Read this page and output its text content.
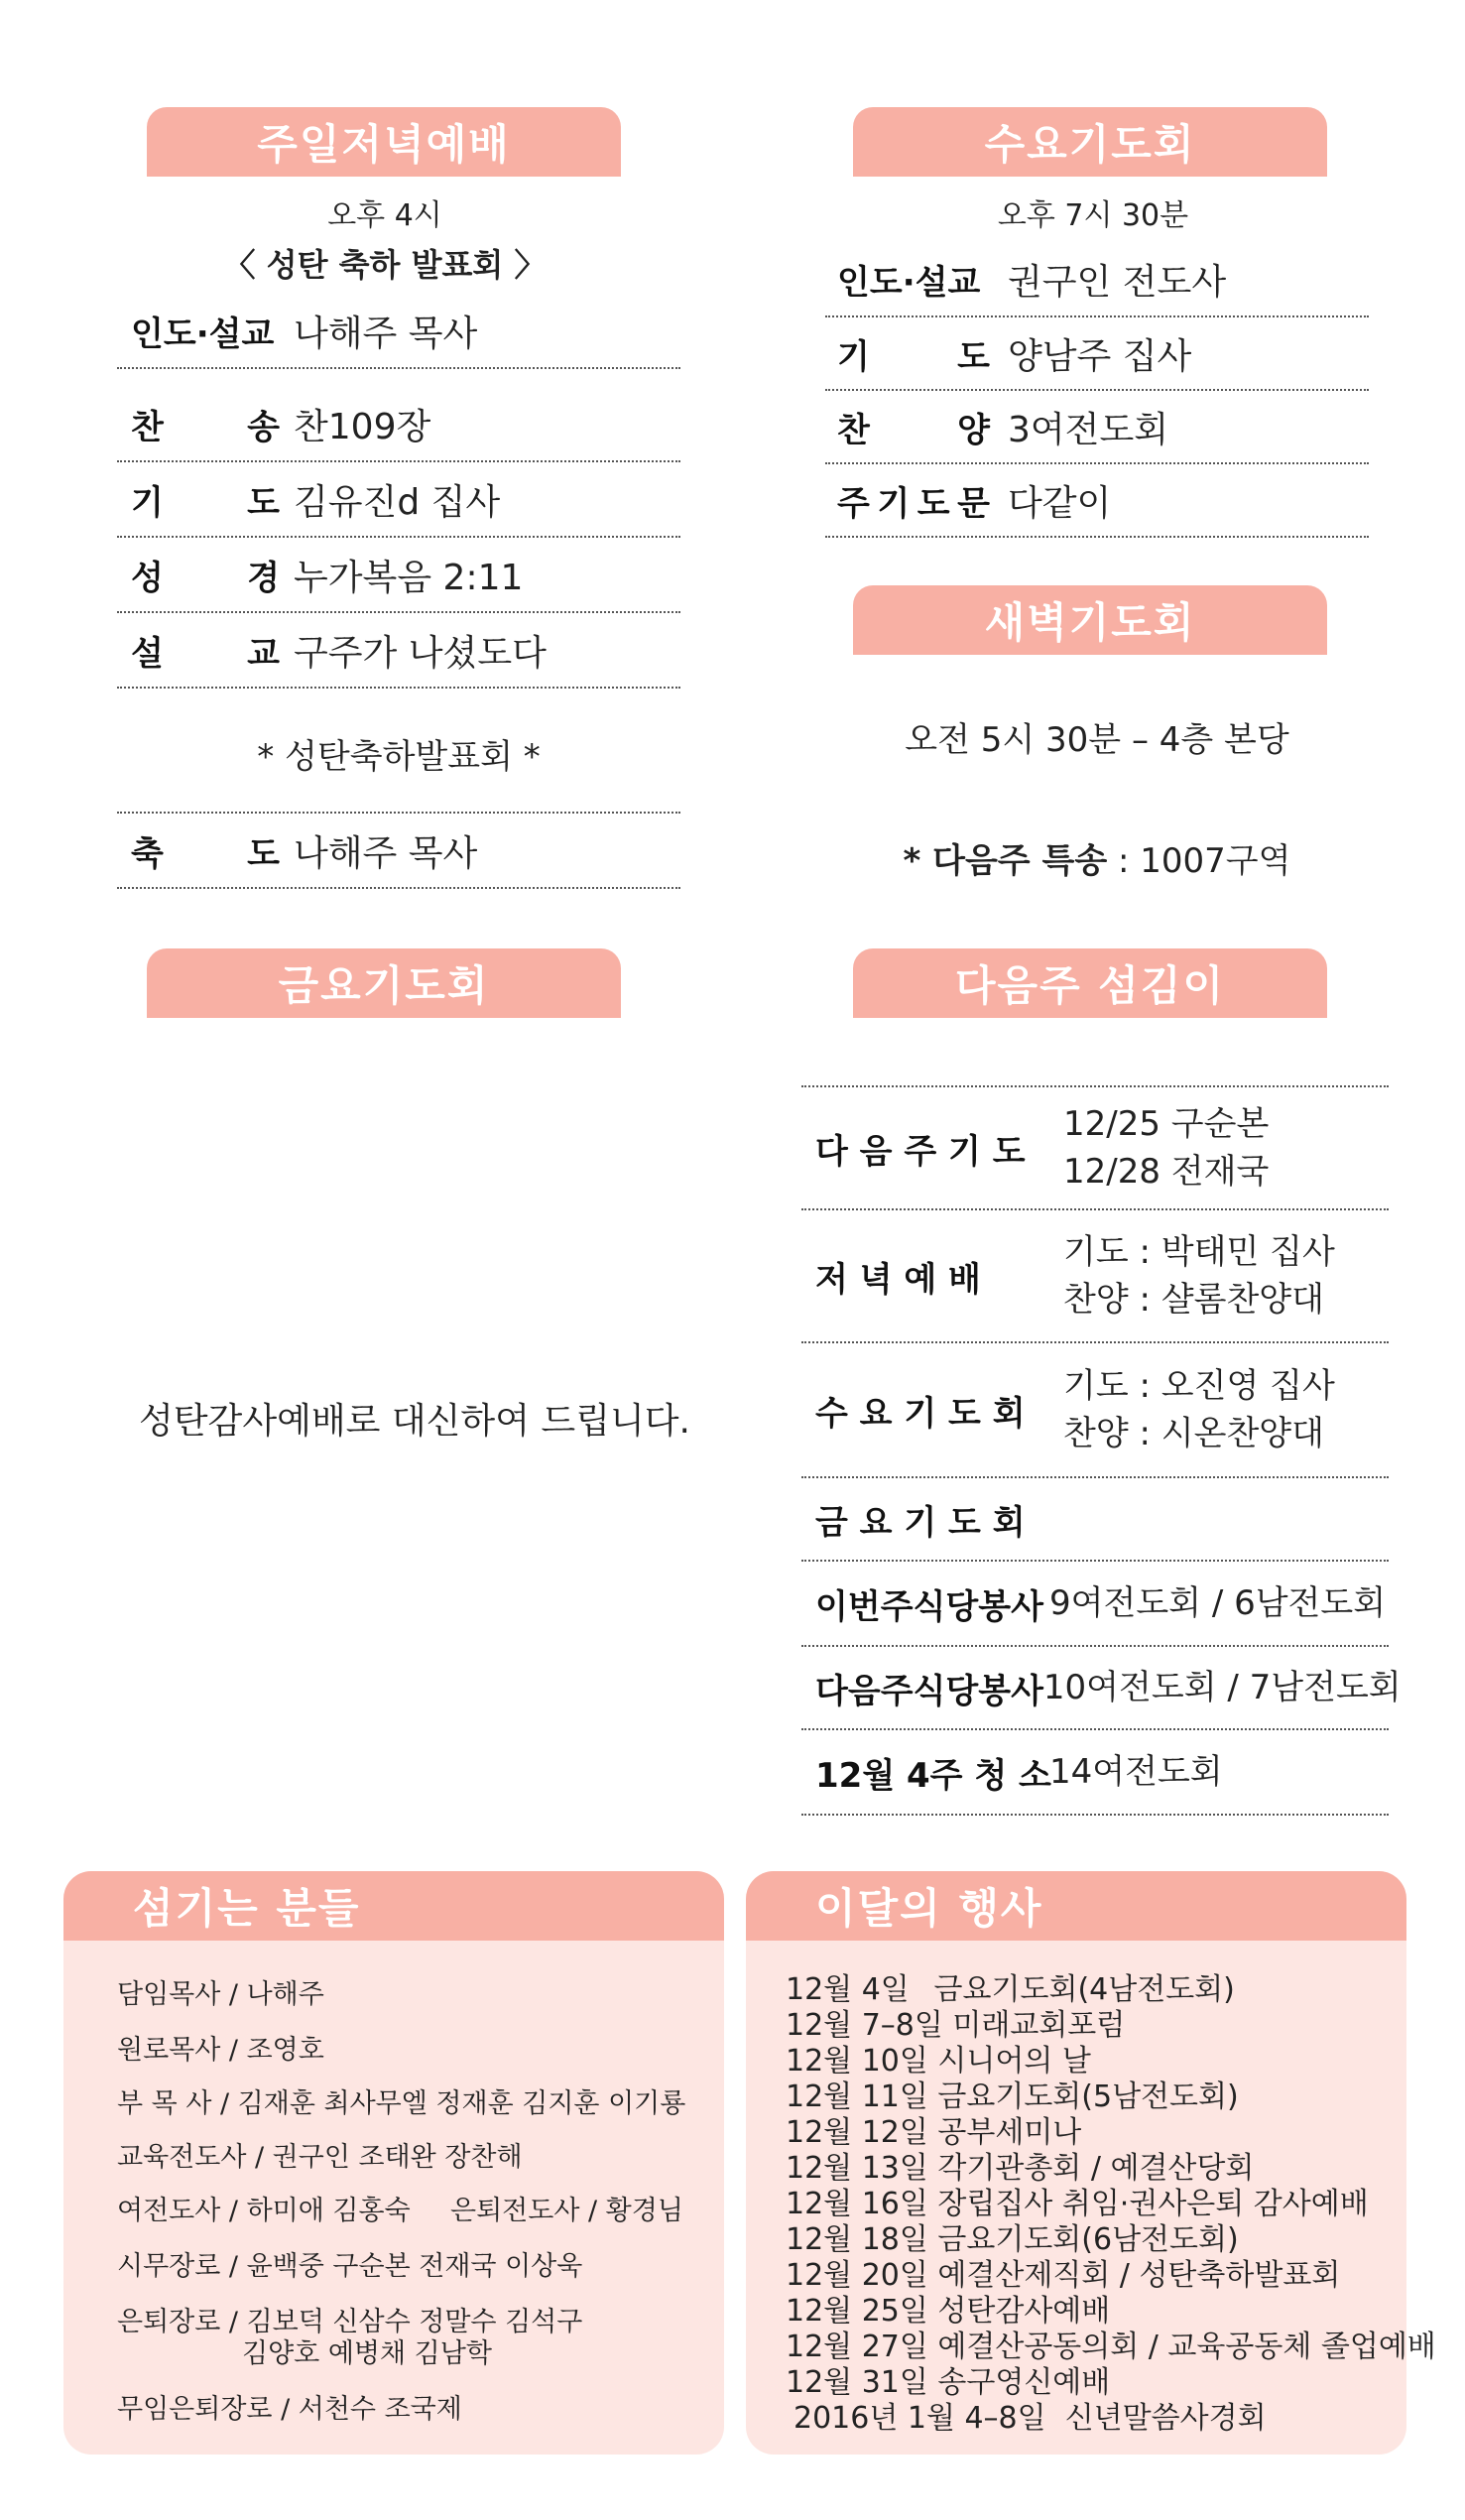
주일저녁예배
오후 4시
〈 성탄 축하 발표회 〉
인도·설교 나해주 목사
찬 송 찬109장
기 도 김유진d 집사
성 경 누가복음 2:11
설 교 구주가 나셨도다
* 성탄축하발표회 *
축 도 나해주 목사
수요기도회
오후 7시 30분
인도·설교 권구인 전도사
기	도 양남주 집사
찬	양 3여전도회
주 기 도 문 다같이
새벽기도회
오전 5시 30분 – 4층 본당
* 다음주 특송 : 1007구역
금요기도회
성탄감사예배로 대신하여 드립니다.
다음주 섬김이
다 음 주 기 도
12/25 구순본
12/28 전재국
저 녁 예 배
기도 : 박태민 집사
찬양 : 샬롬찬양대
수 요 기 도 회
기도 : 오진영 집사
찬양 : 시온찬양대
금 요 기 도 회
이번주식당봉사 9여전도회 / 6남전도회
다음주식당봉사 10여전도회 / 7남전도회
12월 4주 청 소
14여전도회
섬기는 분들
담임목사 / 나해주
원로목사 / 조영호
부 목 사 / 김재훈 최사무엘 정재훈 김지훈 이기룡
교육전도사 / 권구인 조태완 장찬해
여전도사 / 하미애 김홍숙 은퇴전도사 / 황경님
시무장로 / 윤백중 구순본 전재국 이상욱
은퇴장로 / 김보덕 신삼수 정말수 김석구
김양호 예병채 김남학
무임은퇴장로 / 서천수 조국제
이달의 행사
12월 4일 금요기도회(4남전도회)
12월 7–8일 미래교회포럼
12월 10일 시니어의 날
12월 11일 금요기도회(5남전도회)
12월 12일 공부세미나
12월 13일 각기관총회 / 예결산당회
12월 16일 장립집사 취임·권사은퇴 감사예배
12월 18일 금요기도회(6남전도회)
12월 20일 예결산제직회 / 성탄축하발표회
12월 25일 성탄감사예배
12월 27일 예결산공동의회 / 교육공동체 졸업예배
12월 31일 송구영신예배
2016년 1월 4–8일 신년말씀사경회
